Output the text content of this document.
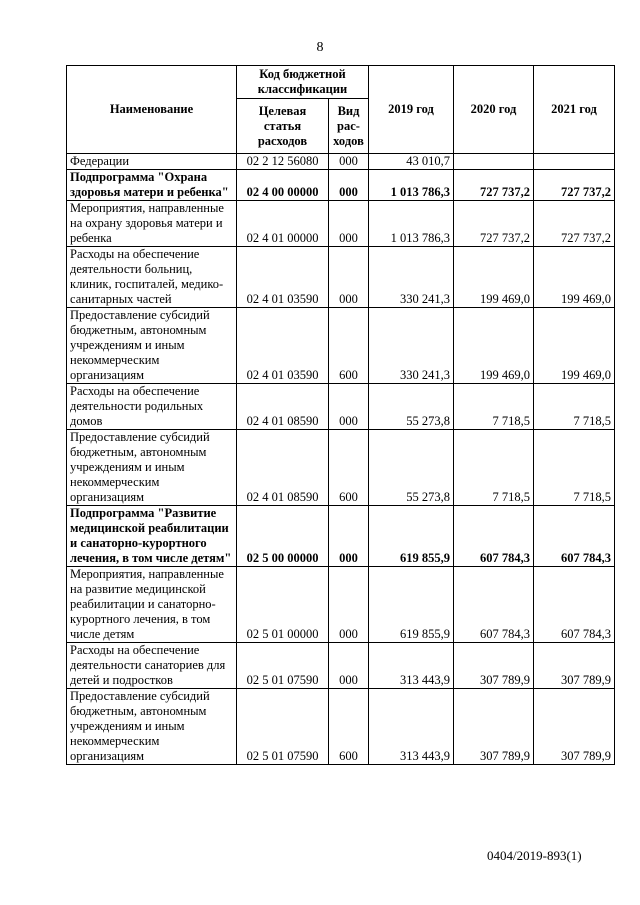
8
Наименование	Код бюджетной классификации		2019 год	2020 год	2021 год
	Целевая статья расходов	Вид рас-ходов			
Федерации	02 2 12 56080	000	43 010,7		
Подпрограмма "Охрана здоровья матери и ребенка"	02 4 00 00000	000	1 013 786,3	727 737,2	727 737,2
Мероприятия, направленные на охрану здоровья матери и ребенка	02 4 01 00000	000	1 013 786,3	727 737,2	727 737,2
Расходы на обеспечение деятельности больниц, клиник, госпиталей, медико-санитарных частей	02 4 01 03590	000	330 241,3	199 469,0	199 469,0
Предоставление субсидий бюджетным, автономным учреждениям и иным некоммерческим организациям	02 4 01 03590	600	330 241,3	199 469,0	199 469,0
Расходы на обеспечение деятельности родильных домов	02 4 01 08590	000	55 273,8	7 718,5	7 718,5
Предоставление субсидий бюджетным, автономным учреждениям и иным некоммерческим организациям	02 4 01 08590	600	55 273,8	7 718,5	7 718,5
Подпрограмма "Развитие медицинской реабилитации и санаторно-курортного лечения, в том числе детям"	02 5 00 00000	000	619 855,9	607 784,3	607 784,3
Мероприятия, направленные на развитие медицинской реабилитации и санаторно-курортного лечения, в том числе детям	02 5 01 00000	000	619 855,9	607 784,3	607 784,3
Расходы на обеспечение деятельности санаториев для детей и подростков	02 5 01 07590	000	313 443,9	307 789,9	307 789,9
Предоставление субсидий бюджетным, автономным учреждениям и иным некоммерческим организациям	02 5 01 07590	600	313 443,9	307 789,9	307 789,9
0404/2019-893(1)
